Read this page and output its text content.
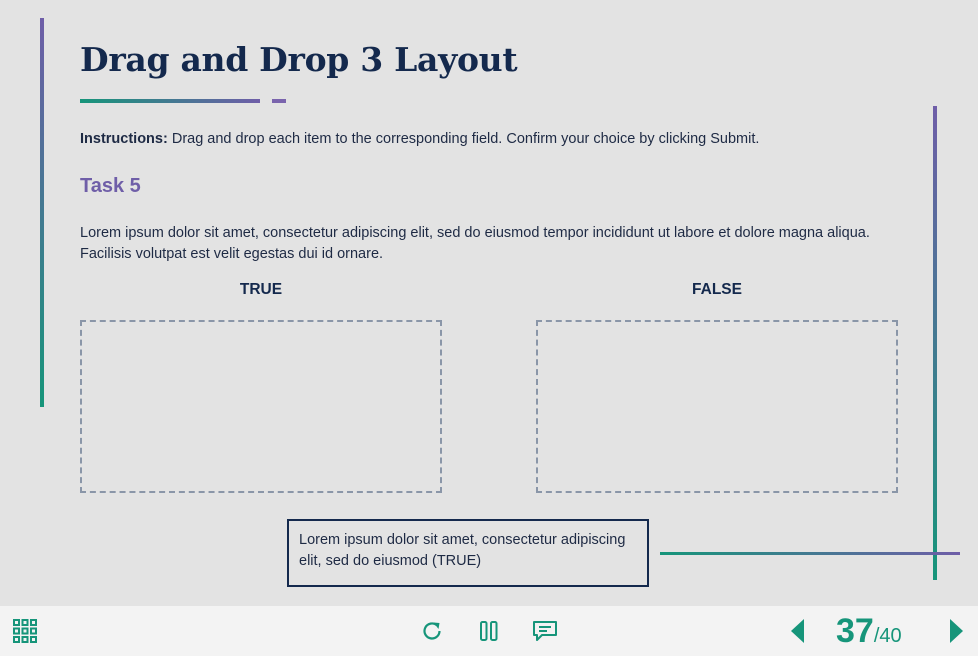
Drag and Drop 3 Layout
Instructions: Drag and drop each item to the corresponding field. Confirm your choice by clicking Submit.
Task 5
Lorem ipsum dolor sit amet, consectetur adipiscing elit, sed do eiusmod tempor incididunt ut labore et dolore magna aliqua. Facilisis volutpat est velit egestas dui id ornare.
TRUE	FALSE
Lorem ipsum dolor sit amet, consectetur adipiscing elit, sed do eiusmod (TRUE)
37/40
